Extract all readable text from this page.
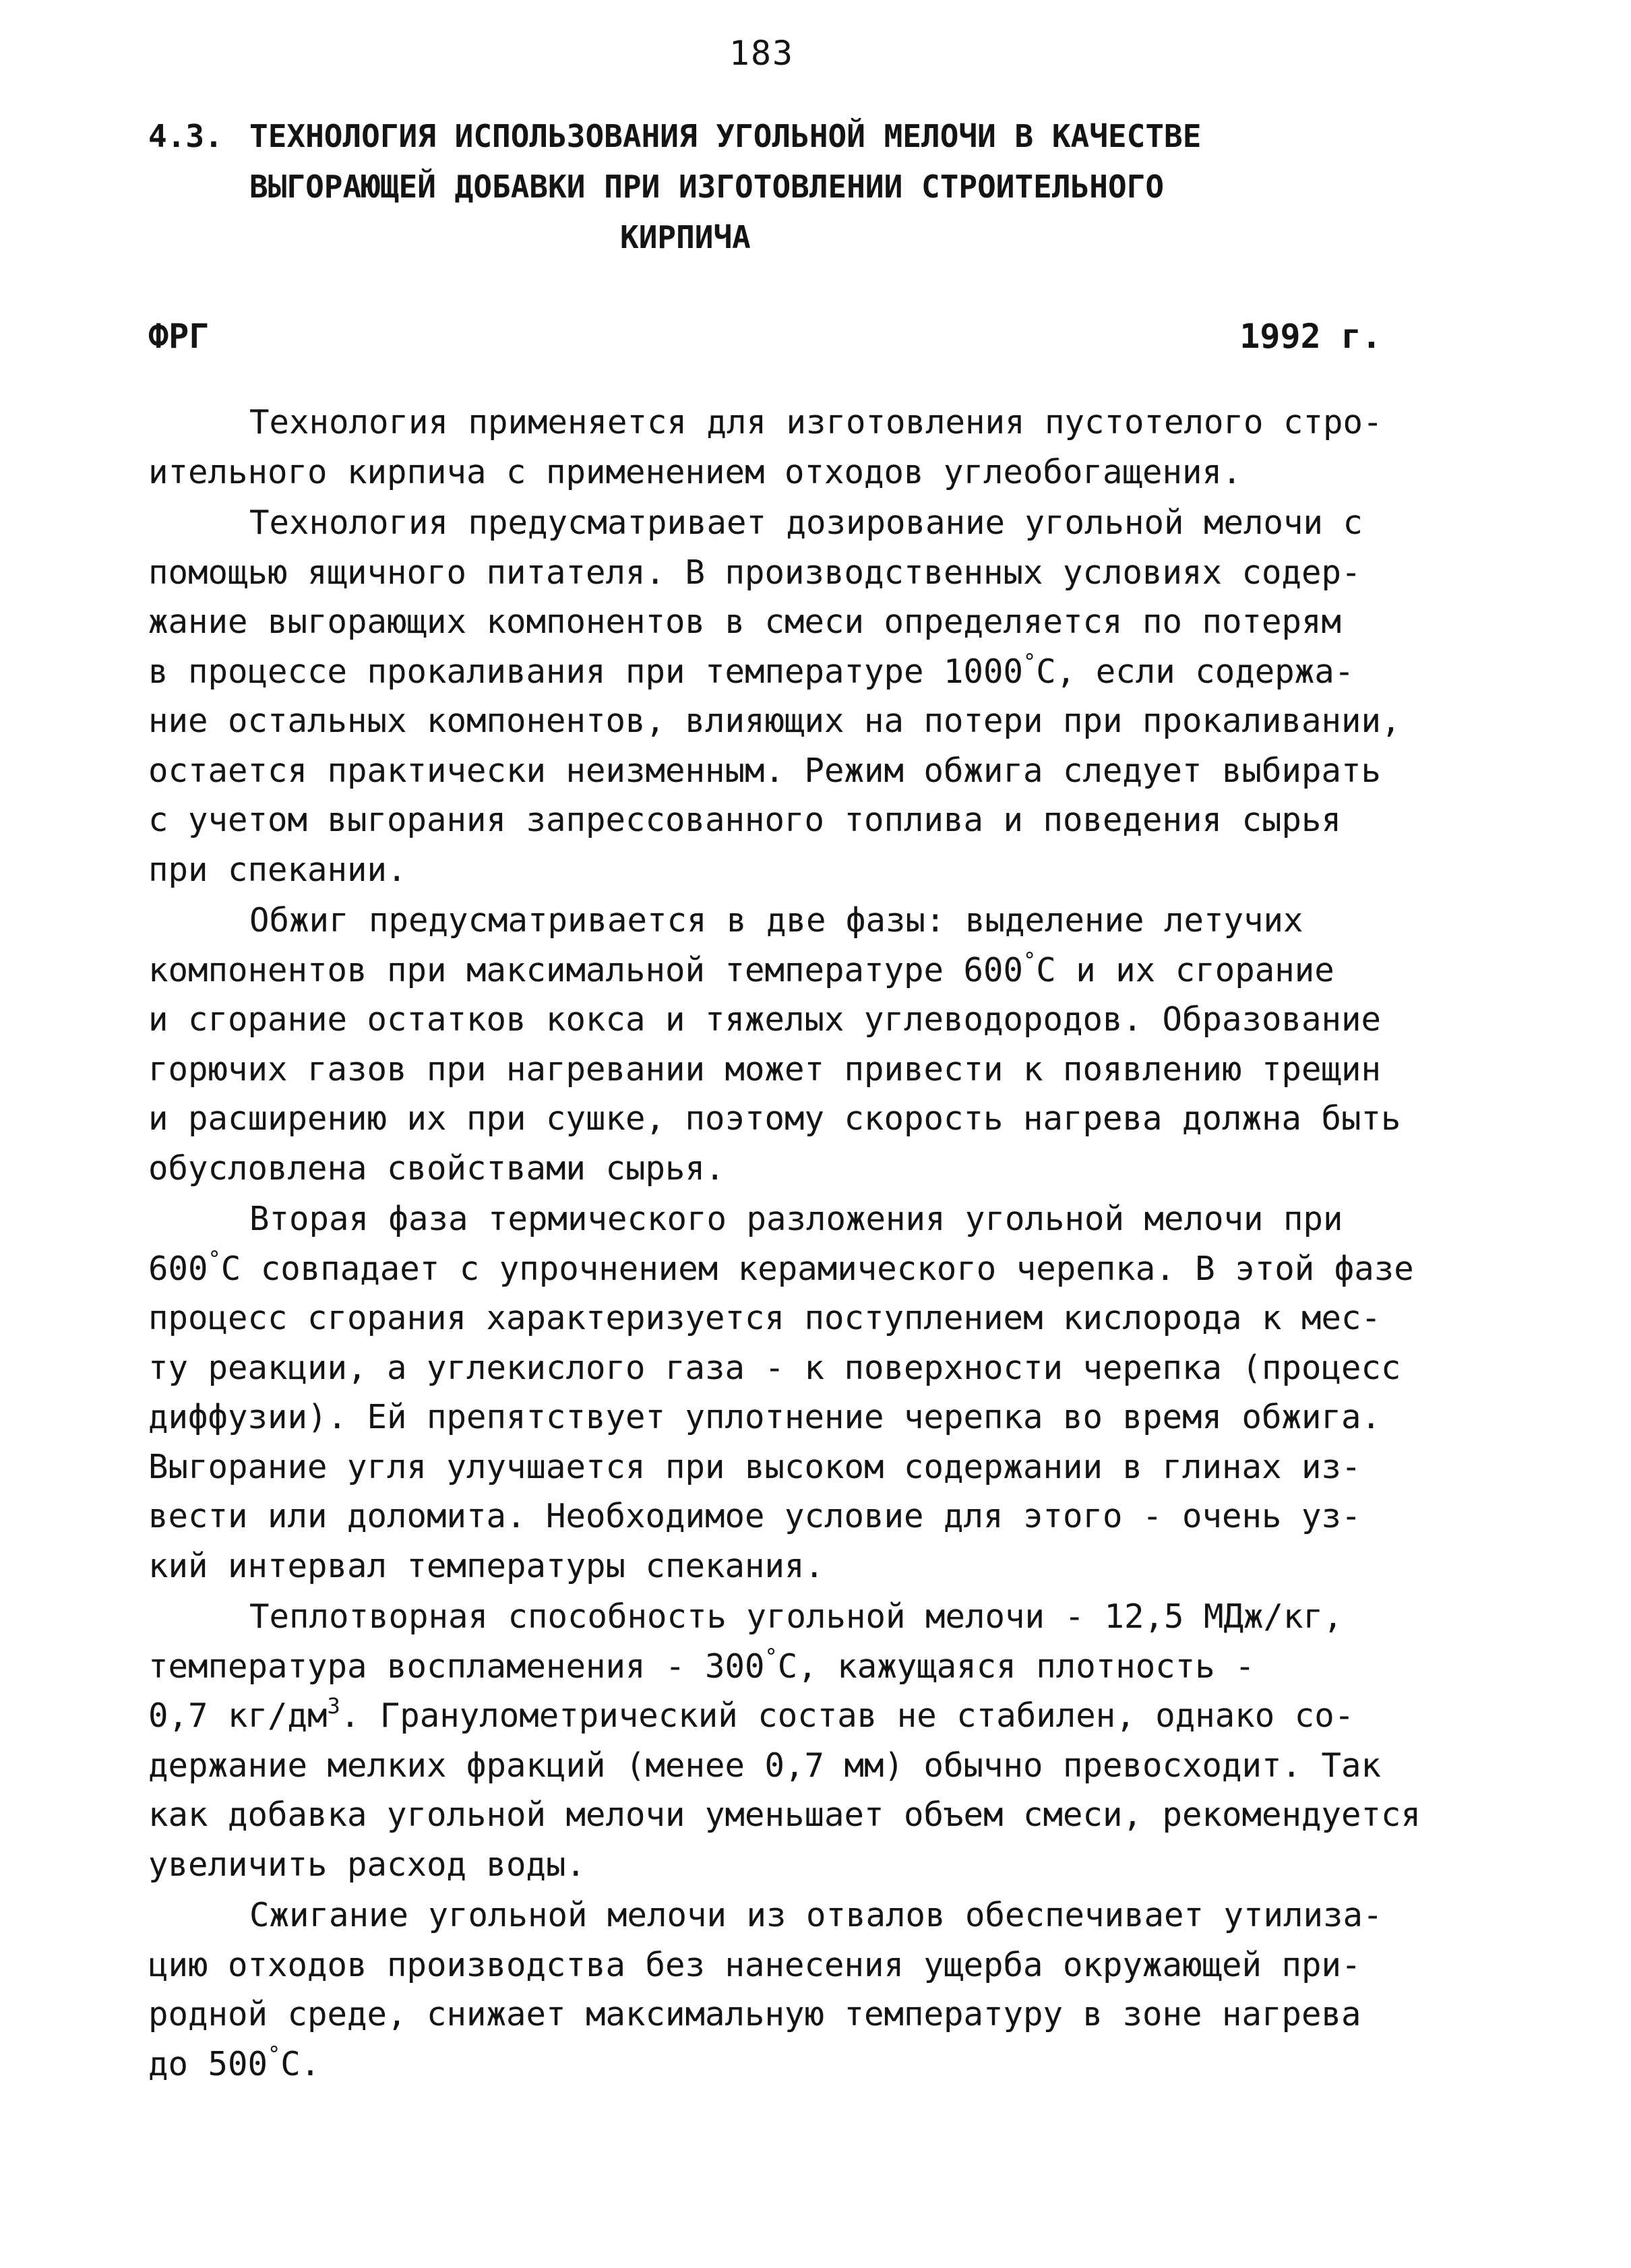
183
4.3. ТЕХНОЛОГИЯ ИСПОЛЬЗОВАНИЯ УГОЛЬНОЙ МЕЛОЧИ В КАЧЕСТВЕ
ВЫГОРАЮЩЕЙ ДОБАВКИ ПРИ ИЗГОТОВЛЕНИИ СТРОИТЕЛЬНОГО
КИРПИЧА
ФРГ	1992 г.
Технология применяется для изготовления пустотелого стро-
ительного кирпича с применением отходов углеобогащения.
Технология предусматривает дозирование угольной мелочи с
помощью ящичного питателя. В производственных условиях содер-
жание выгорающих компонентов в смеси определяется по потерям
в процессе прокаливания при температуре 1000°С, если содержа-
ние остальных компонентов, влияющих на потери при прокаливании,
остается практически неизменным. Режим обжига следует выбирать
с учетом выгорания запрессованного топлива и поведения сырья
при спекании.
Обжиг предусматривается в две фазы: выделение летучих
компонентов при максимальной температуре 600°С и их сгорание
и сгорание остатков кокса и тяжелых углеводородов. Образование
горючих газов при нагревании может привести к появлению трещин
и расширению их при сушке, поэтому скорость нагрева должна быть
обусловлена свойствами сырья.
Вторая фаза термического разложения угольной мелочи при
600°С совпадает с упрочнением керамического черепка. В этой фазе
процесс сгорания характеризуется поступлением кислорода к мес-
ту реакции, а углекислого газа - к поверхности черепка (процесс
диффузии). Ей препятствует уплотнение черепка во время обжига.
Выгорание угля улучшается при высоком содержании в глинах из-
вести или доломита. Необходимое условие для этого - очень уз-
кий интервал температуры спекания.
Теплотворная способность угольной мелочи - 12,5 МДж/кг,
температура воспламенения - 300°С, кажущаяся плотность -
0,7 $кг/дм^3$. Гранулометрический состав не стабилен, однако со-
держание мелких фракций (менее 0,7 мм) обычно превосходит. Так
как добавка угольной мелочи уменьшает объем смеси, рекомендуется
увеличить расход воды.
Сжигание угольной мелочи из отвалов обеспечивает утилиза-
цию отходов производства без нанесения ущерба окружающей при-
родной среде, снижает максимальную температуру в зоне нагрева
до 500°С.
